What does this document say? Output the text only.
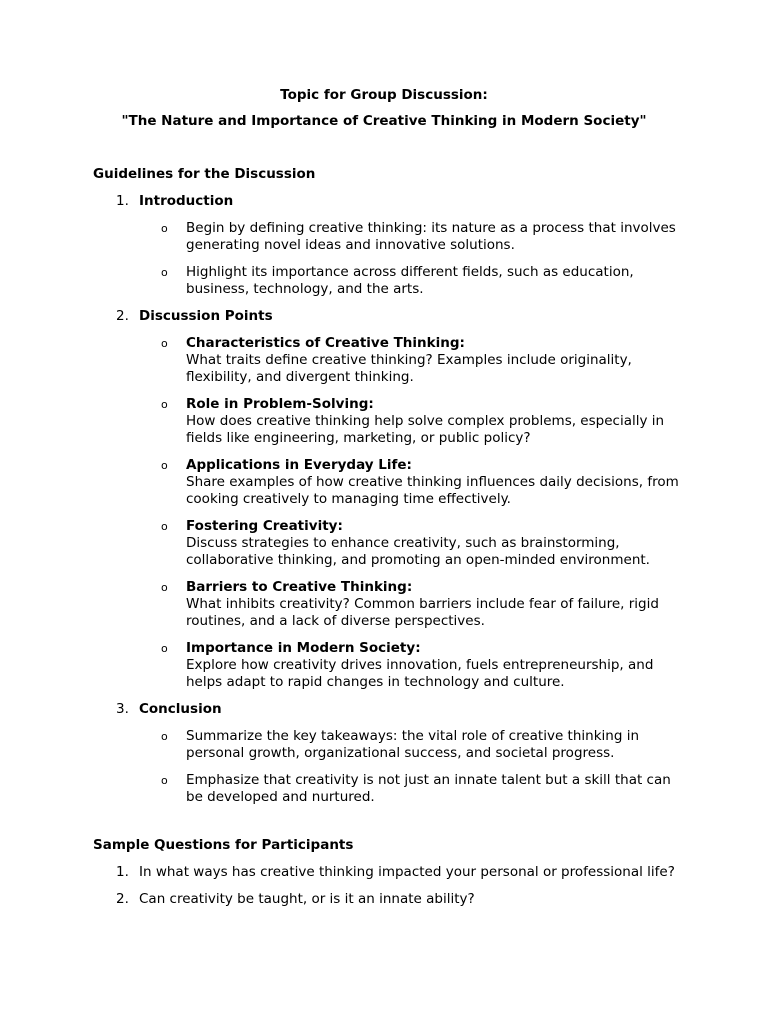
Topic for Group Discussion:
"The Nature and Importance of Creative Thinking in Modern Society"
Guidelines for the Discussion
1. Introduction
o	Begin by defining creative thinking: its nature as a process that involves generating novel ideas and innovative solutions.
o	Highlight its importance across different fields, such as education, business, technology, and the arts.
2. Discussion Points
o	Characteristics of Creative Thinking:
What traits define creative thinking? Examples include originality, flexibility, and divergent thinking.
o	Role in Problem-Solving:
How does creative thinking help solve complex problems, especially in fields like engineering, marketing, or public policy?
o	Applications in Everyday Life:
Share examples of how creative thinking influences daily decisions, from cooking creatively to managing time effectively.
o	Fostering Creativity:
Discuss strategies to enhance creativity, such as brainstorming, collaborative thinking, and promoting an open-minded environment.
o	Barriers to Creative Thinking:
What inhibits creativity? Common barriers include fear of failure, rigid routines, and a lack of diverse perspectives.
o	Importance in Modern Society:
Explore how creativity drives innovation, fuels entrepreneurship, and helps adapt to rapid changes in technology and culture.
3. Conclusion
o	Summarize the key takeaways: the vital role of creative thinking in personal growth, organizational success, and societal progress.
o	Emphasize that creativity is not just an innate talent but a skill that can be developed and nurtured.
Sample Questions for Participants
1. In what ways has creative thinking impacted your personal or professional life?
2. Can creativity be taught, or is it an innate ability?
